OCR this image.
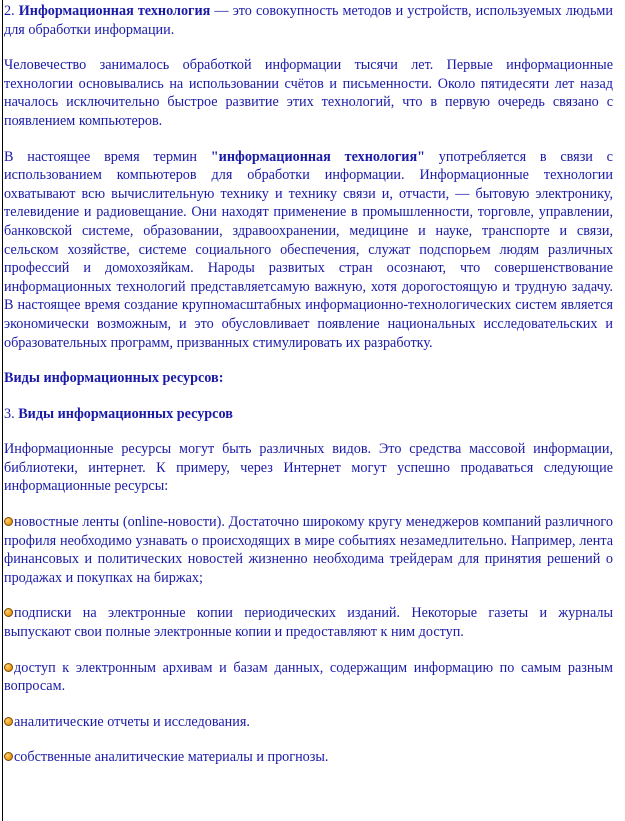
2. Информационная технология — это совокупность методов и устройств, используемых людьми для обработки информации.

Человечество занималось обработкой информации тысячи лет. Первые информационные технологии основывались на использовании счётов и письменности. Около пятидесяти лет назад началось исключительно быстрое развитие этих технологий, что в первую очередь связано с появлением компьютеров.

В настоящее время термин "информационная технология" употребляется в связи с использованием компьютеров для обработки информации. Информационные технологии охватывают всю вычислительную технику и технику связи и, отчасти, — бытовую электронику, телевидение и радиовещание. Они находят применение в промышленности, торговле, управлении, банковской системе, образовании, здравоохранении, медицине и науке, транспорте и связи, сельском хозяйстве, системе социального обеспечения, служат подспорьем людям различных профессий и домохозяйкам. Народы развитых стран осознают, что совершенствование информационных технологий представляетсамую важную, хотя дорогостоящую и трудную задачу. В настоящее время создание крупномасштабных информационно-технологических систем является экономически возможным, и это обусловливает появление национальных исследовательских и образовательных программ, призванных стимулировать их разработку.

Виды информационных ресурсов:

3. Виды информационных ресурсов

Информационные ресурсы могут быть различных видов. Это средства массовой информации, библиотеки, интернет. К примеру, через Интернет могут успешно продаваться следующие информационные ресурсы:

новостные ленты (online-новости). Достаточно широкому кругу менеджеров компаний различного профиля необходимо узнавать о происходящих в мире событиях незамедлительно. Например, лента финансовых и политических новостей жизненно необходима трейдерам для принятия решений о продажах и покупках на биржах;

подписки на электронные копии периодических изданий. Некоторые газеты и журналы выпускают свои полные электронные копии и предоставляют к ним доступ.

доступ к электронным архивам и базам данных, содержащим информацию по самым разным вопросам.

аналитические отчеты и исследования.

собственные аналитические материалы и прогнозы.
